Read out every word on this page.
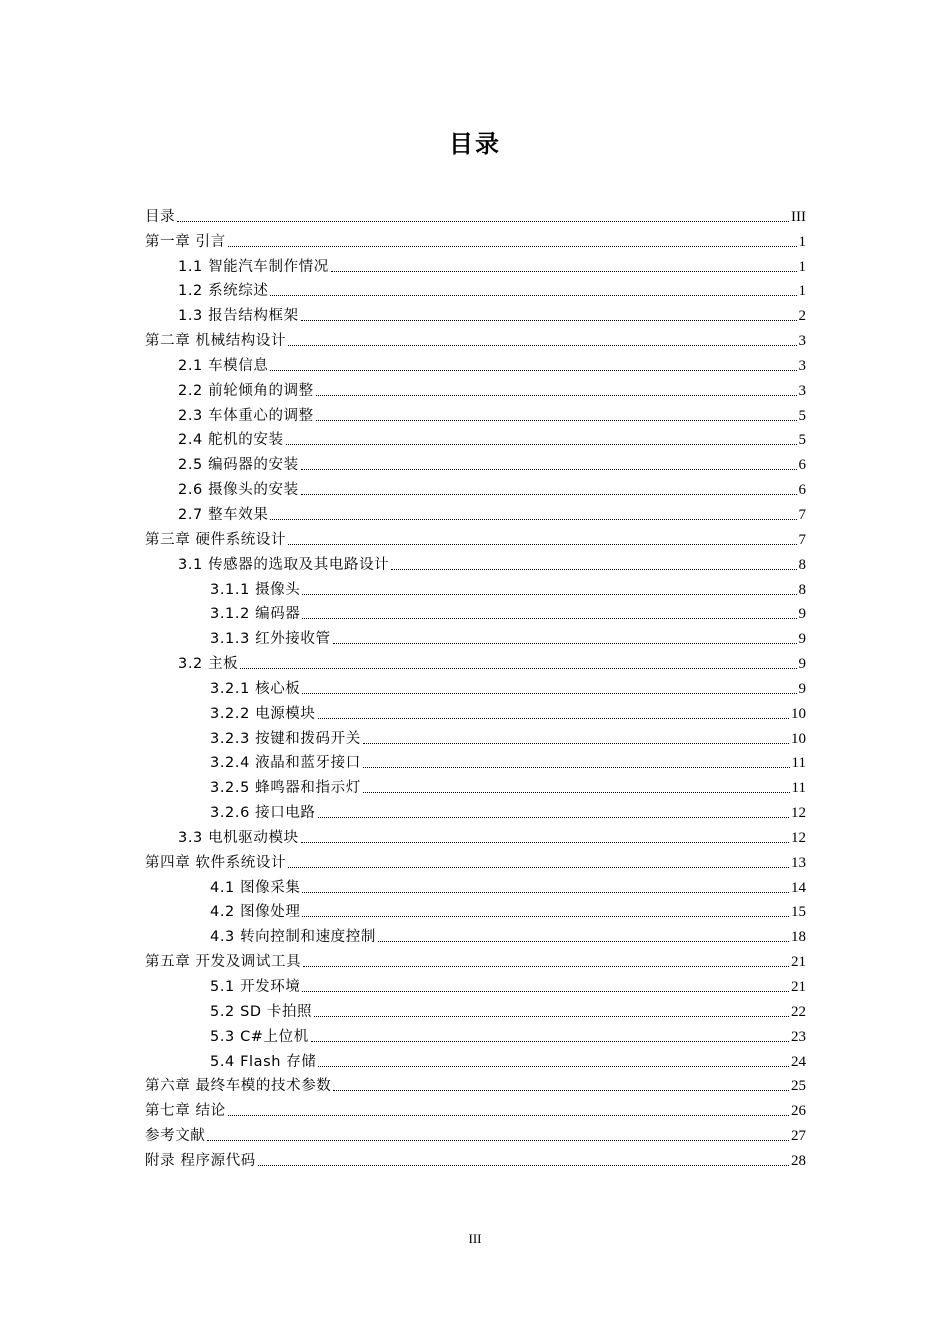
目录
目录	III
第一章 引言	1
1.1 智能汽车制作情况	1
1.2 系统综述	1
1.3 报告结构框架	2
第二章 机械结构设计	3
2.1 车模信息	3
2.2 前轮倾角的调整	3
2.3 车体重心的调整	5
2.4 舵机的安装	5
2.5 编码器的安装	6
2.6 摄像头的安装	6
2.7 整车效果	7
第三章 硬件系统设计	7
3.1 传感器的选取及其电路设计	8
3.1.1 摄像头	8
3.1.2 编码器	9
3.1.3 红外接收管	9
3.2 主板	9
3.2.1 核心板	9
3.2.2 电源模块	10
3.2.3 按键和拨码开关	10
3.2.4 液晶和蓝牙接口	11
3.2.5 蜂鸣器和指示灯	11
3.2.6 接口电路	12
3.3 电机驱动模块	12
第四章 软件系统设计	13
4.1 图像采集	14
4.2 图像处理	15
4.3 转向控制和速度控制	18
第五章 开发及调试工具	21
5.1 开发环境	21
5.2 SD 卡拍照	22
5.3 C#上位机	23
5.4 Flash 存储	24
第六章 最终车模的技术参数	25
第七章 结论	26
参考文献	27
附录 程序源代码	28
III
